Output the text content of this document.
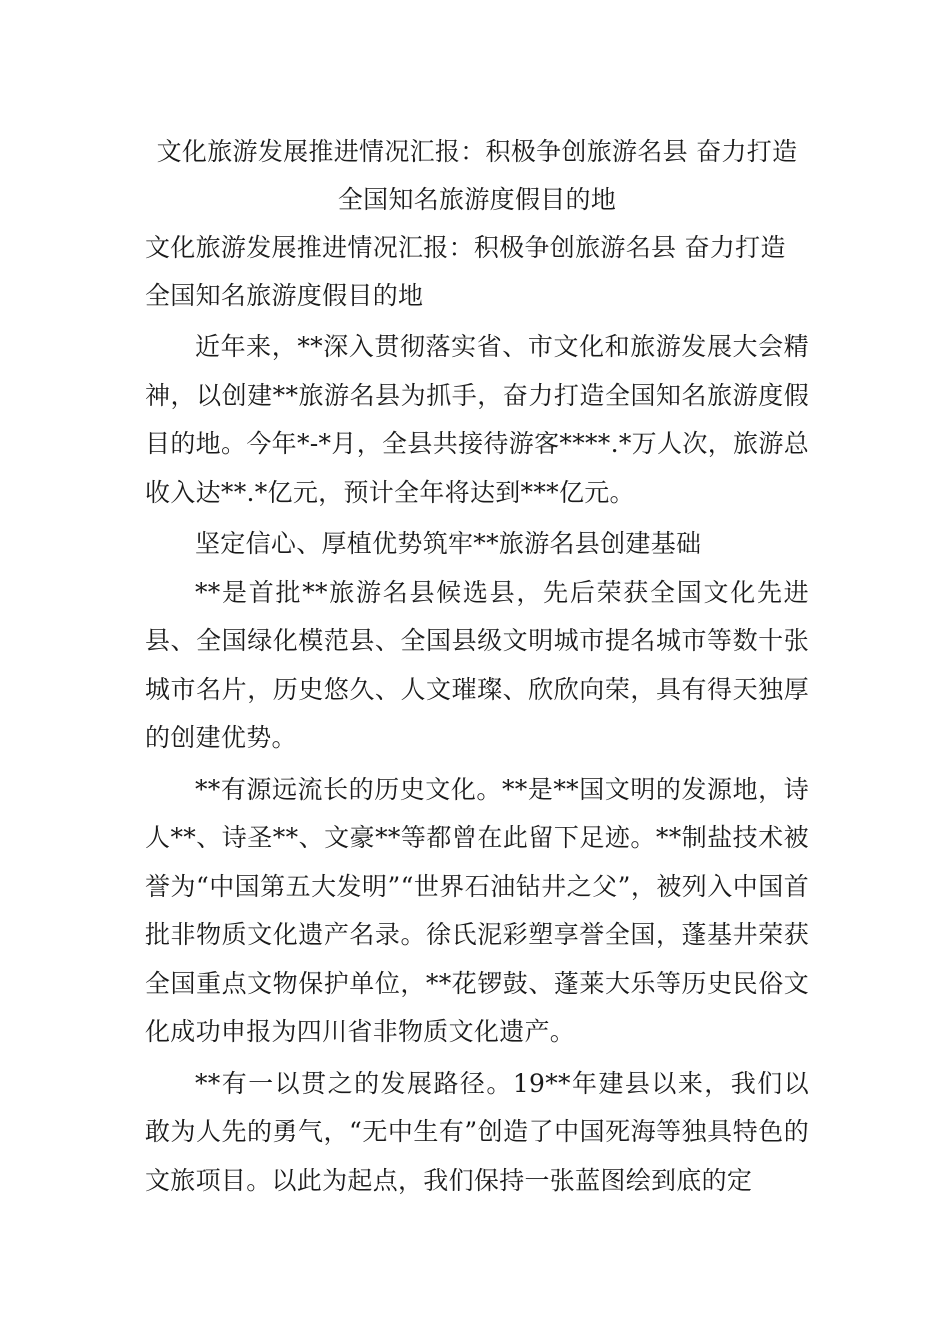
文化旅游发展推进情况汇报：积极争创旅游名县 奋力打造
全国知名旅游度假目的地
文化旅游发展推进情况汇报：积极争创旅游名县 奋力打造
全国知名旅游度假目的地

近年来，**深入贯彻落实省、市文化和旅游发展大会精神，以创建**旅游名县为抓手，奋力打造全国知名旅游度假目的地。今年*-*月，全县共接待游客****.*万人次，旅游总收入达**.*亿元，预计全年将达到***亿元。

坚定信心、厚植优势筑牢**旅游名县创建基础

**是首批**旅游名县候选县，先后荣获全国文化先进县、全国绿化模范县、全国县级文明城市提名城市等数十张城市名片，历史悠久、人文璀璨、欣欣向荣，具有得天独厚的创建优势。

**有源远流长的历史文化。**是**国文明的发源地，诗人**、诗圣**、文豪**等都曾在此留下足迹。**制盐技术被誉为“中国第五大发明”“世界石油钻井之父”，被列入中国首批非物质文化遗产名录。徐氏泥彩塑享誉全国，蓬基井荣获全国重点文物保护单位，**花锣鼓、蓬莱大乐等历史民俗文化成功申报为四川省非物质文化遗产。

**有一以贯之的发展路径。19**年建县以来，我们以敢为人先的勇气，“无中生有”创造了中国死海等独具特色的文旅项目。以此为起点，我们保持一张蓝图绘到底的定
